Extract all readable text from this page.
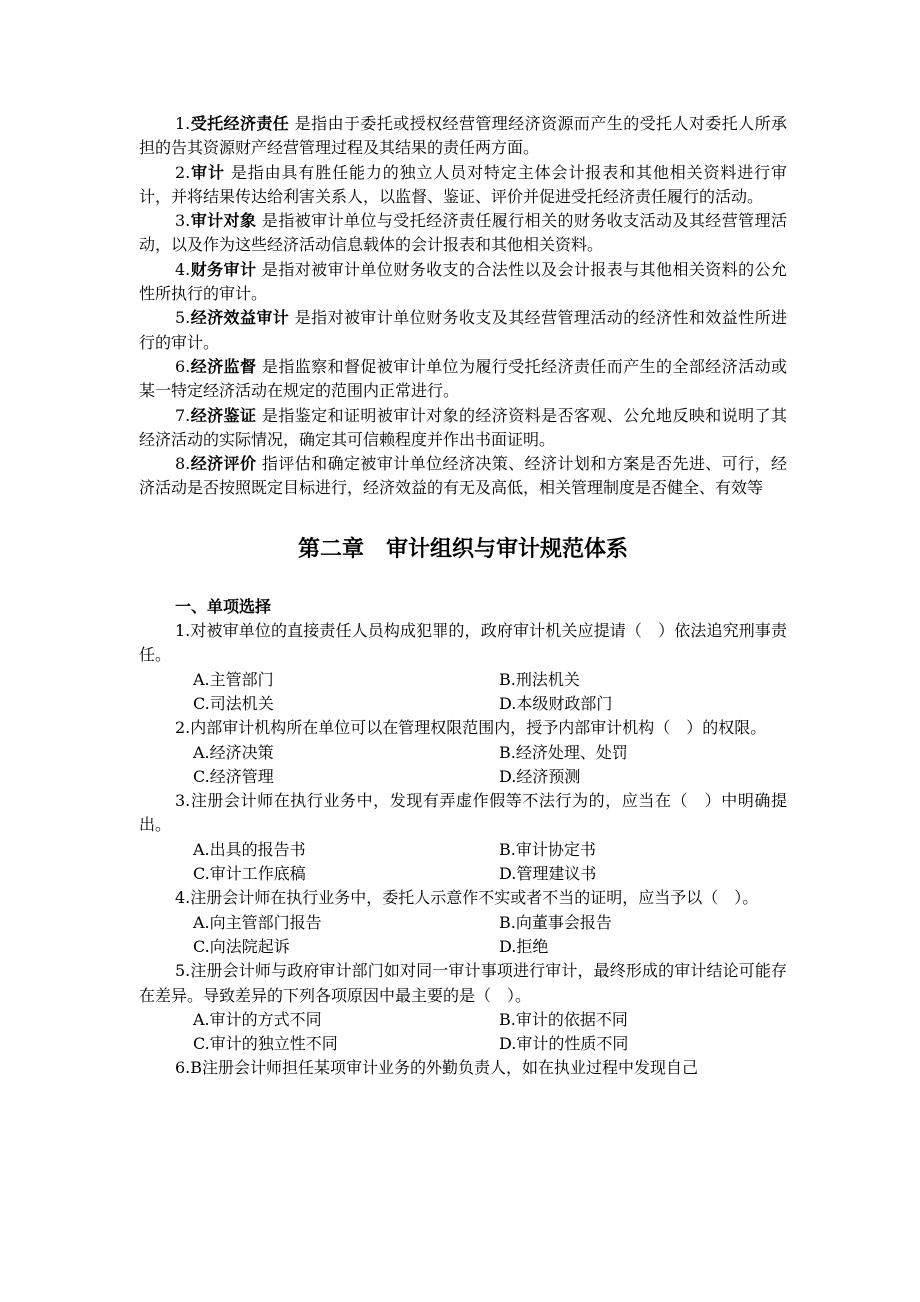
1.受托经济责任 是指由于委托或授权经营管理经济资源而产生的受托人对委托人所承担的告其资源财产经营管理过程及其结果的责任两方面。

2.审计 是指由具有胜任能力的独立人员对特定主体会计报表和其他相关资料进行审计，并将结果传达给利害关系人，以监督、鉴证、评价并促进受托经济责任履行的活动。

3.审计对象 是指被审计单位与受托经济责任履行相关的财务收支活动及其经营管理活动，以及作为这些经济活动信息载体的会计报表和其他相关资料。

4.财务审计 是指对被审计单位财务收支的合法性以及会计报表与其他相关资料的公允性所执行的审计。

5.经济效益审计 是指对被审计单位财务收支及其经营管理活动的经济性和效益性所进行的审计。

6.经济监督 是指监察和督促被审计单位为履行受托经济责任而产生的全部经济活动或某一特定经济活动在规定的范围内正常进行。

7.经济鉴证 是指鉴定和证明被审计对象的经济资料是否客观、公允地反映和说明了其经济活动的实际情况，确定其可信赖程度并作出书面证明。

8.经济评价 指评估和确定被审计单位经济决策、经济计划和方案是否先进、可行，经济活动是否按照既定目标进行，经济效益的有无及高低，相关管理制度是否健全、有效等

第二章　审计组织与审计规范体系

一、单项选择

1.对被审单位的直接责任人员构成犯罪的，政府审计机关应提请（　）依法追究刑事责任。

A.主管部门	B.刑法机关
C.司法机关	D.本级财政部门

2.内部审计机构所在单位可以在管理权限范围内，授予内部审计机构（　）的权限。

A.经济决策	B.经济处理、处罚
C.经济管理	D.经济预测

3.注册会计师在执行业务中，发现有弄虚作假等不法行为的，应当在（　）中明确提出。

A.出具的报告书	B.审计协定书
C.审计工作底稿	D.管理建议书

4.注册会计师在执行业务中，委托人示意作不实或者不当的证明，应当予以（　）。

A.向主管部门报告	B.向董事会报告
C.向法院起诉	D.拒绝

5.注册会计师与政府审计部门如对同一审计事项进行审计，最终形成的审计结论可能存在差异。导致差异的下列各项原因中最主要的是（　）。

A.审计的方式不同	B.审计的依据不同
C.审计的独立性不同	D.审计的性质不同

6.B注册会计师担任某项审计业务的外勤负责人，如在执业过程中发现自己
